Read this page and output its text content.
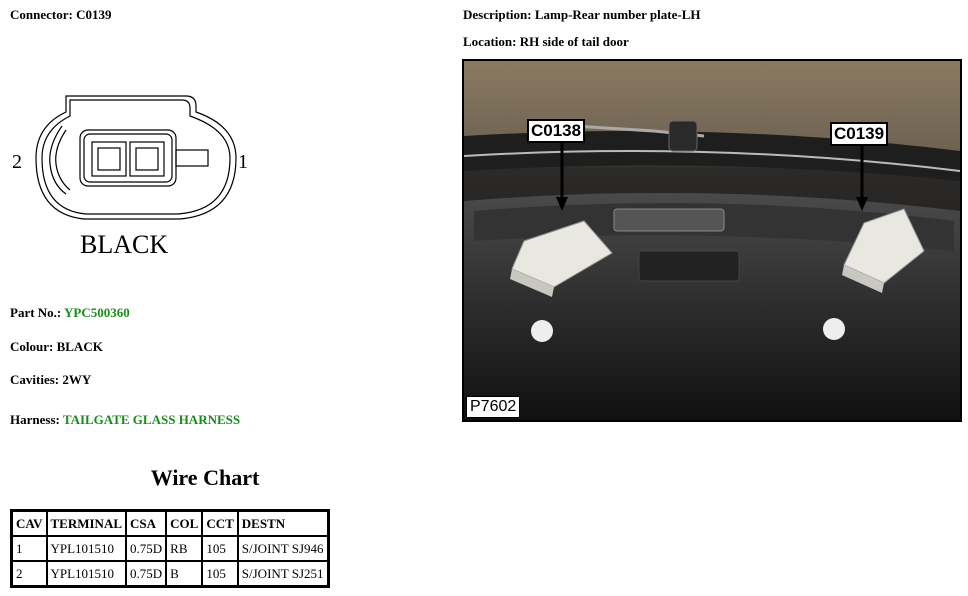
Connector: C0139
2	1
BLACK
Part No.: YPC500360
Colour: BLACK
Cavities: 2WY
Harness: TAILGATE GLASS HARNESS
Description: Lamp-Rear number plate-LH
Location: RH side of tail door
C0138	C0139
P7602
Wire Chart
CAV	TERMINAL	CSA	COL	CCT	DESTN
1	YPL101510	0.75D	RB	105	S/JOINT SJ946
2	YPL101510	0.75D	B	105	S/JOINT SJ251
